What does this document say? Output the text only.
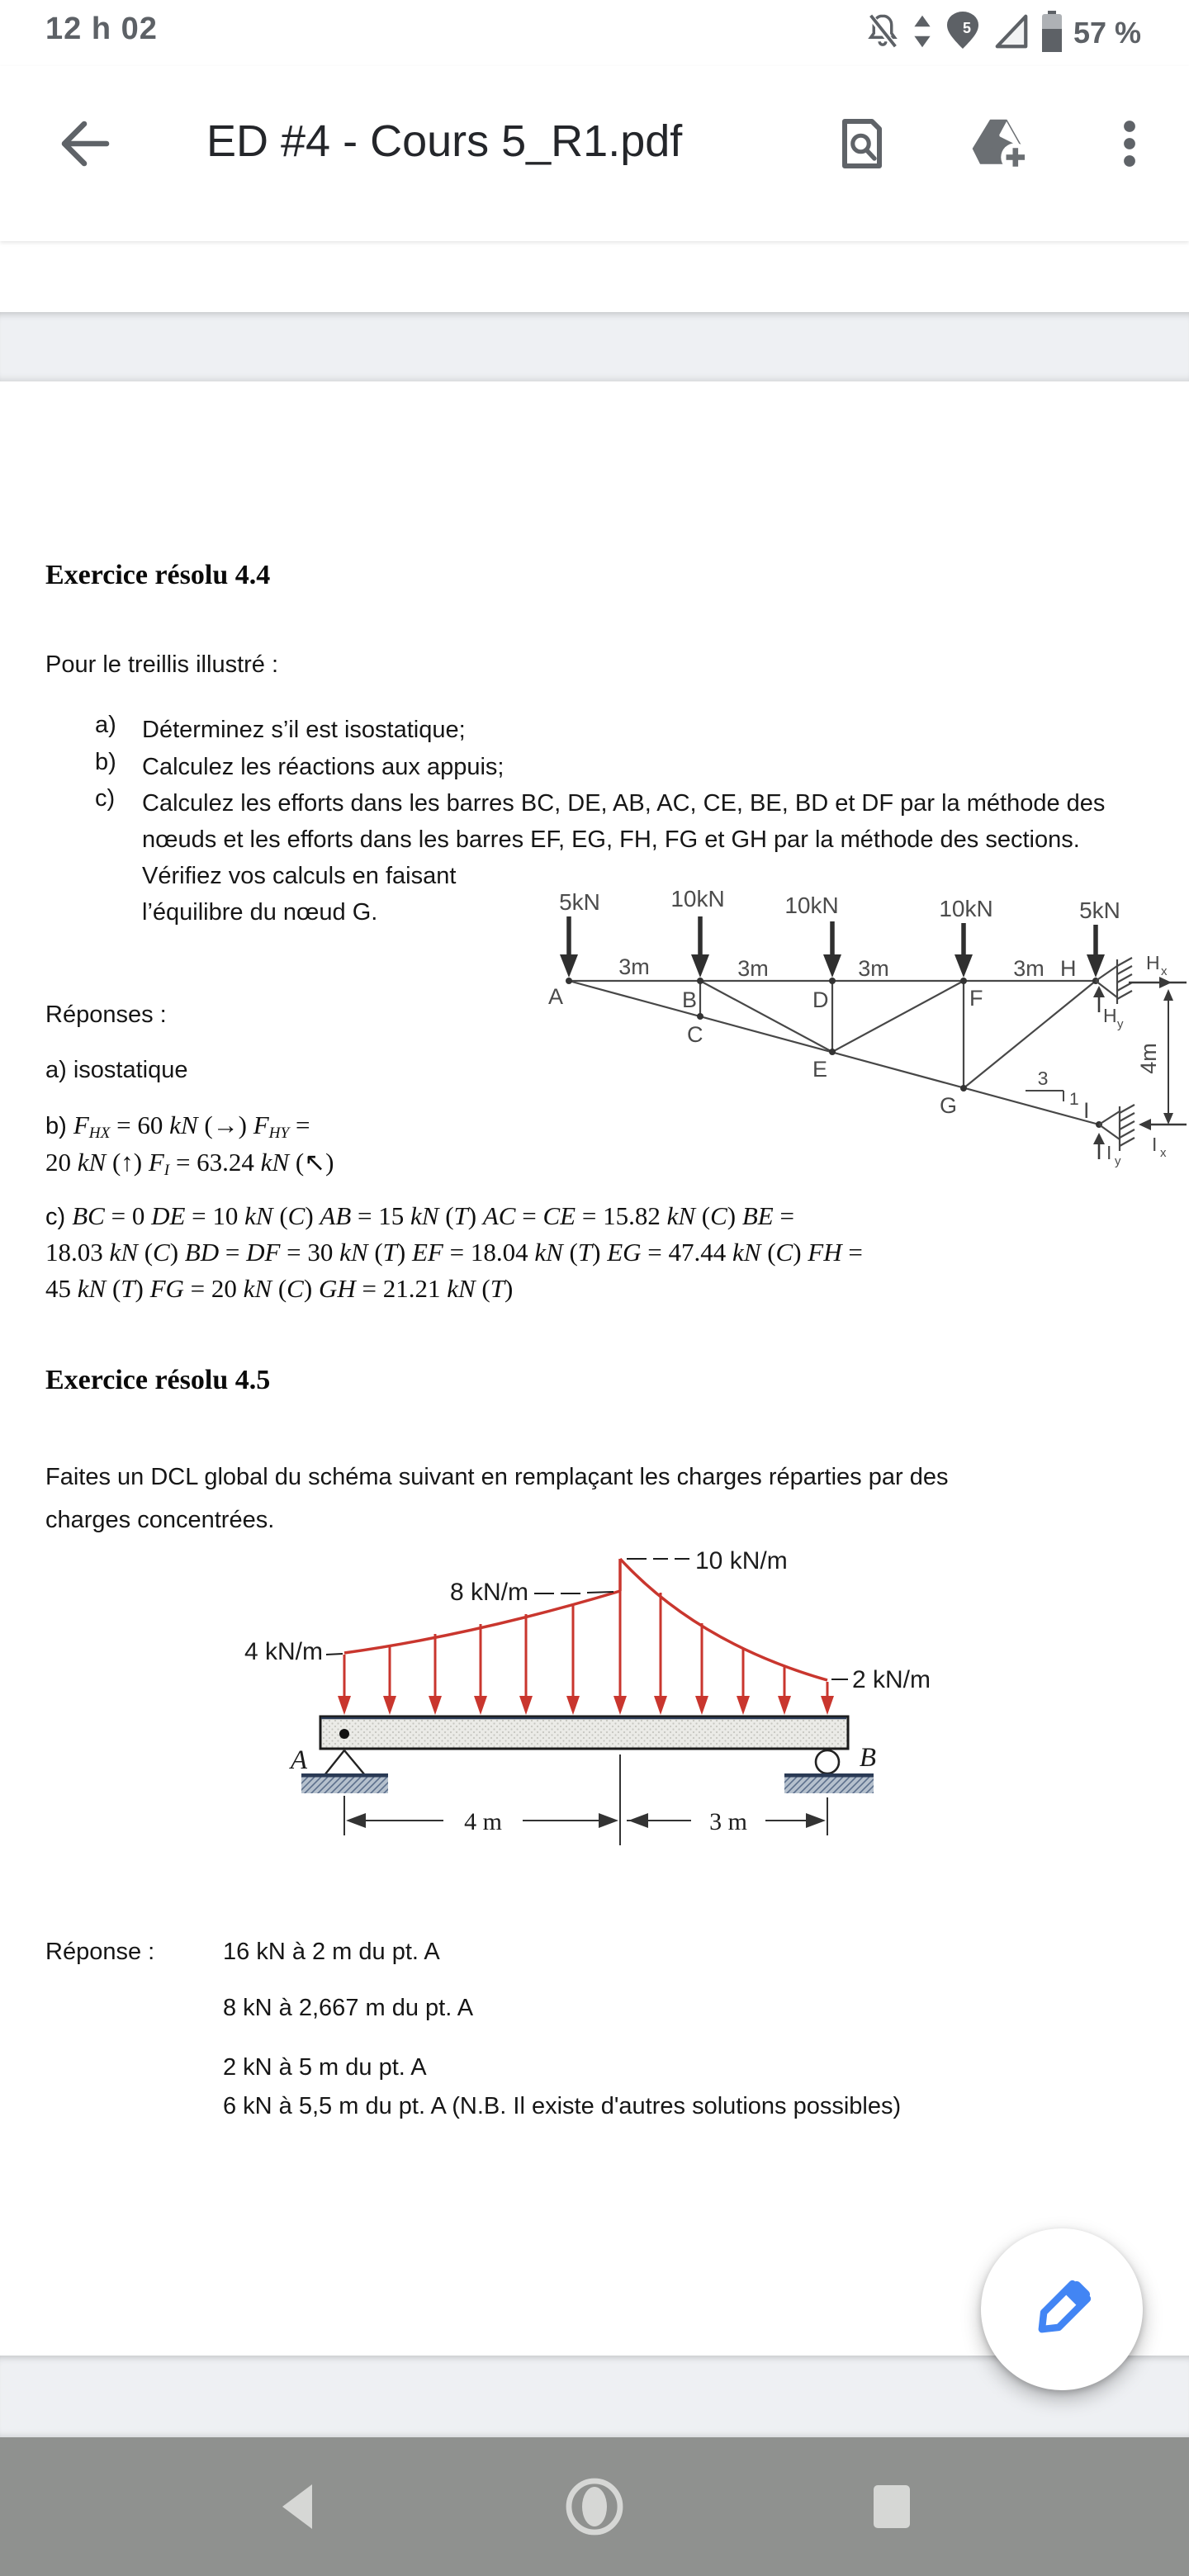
12 h 02	5	57 %
ED #4 - Cours 5_R1.pdf
Exercice résolu 4.4
Pour le treillis illustré :
a) Déterminez s’il est isostatique;
b) Calculez les réactions aux appuis;
c) Calculez les efforts dans les barres BC, DE, AB, AC, CE, BE, BD et DF par la méthode des
nœuds et les efforts dans les barres EF, EG, FH, FG et GH par la méthode des sections.
Vérifiez vos calculs en faisant
l’équilibre du nœud G.	5kN	10kN	10kN	10kN	5kN
3m	3m	3m	3m
A	B
C
D
E
F
G
H
I
H x
H y
I x
I y
4m
3
1
Réponses :
a) isostatique
b) $F_{HX} = 60$ kN (→) $F_{HY}$ =
20 kN (↑) $F_I = 63.24$ kN (↖)
c) BC = 0 DE = 10 kN (C) AB = 15 kN (T) AC = CE = 15.82 kN (C) BE =
18.03 kN (C) BD = DF = 30 kN (T) EF = 18.04 kN (T) EG = 47.44 kN (C) FH =
45 kN (T) FG = 20 kN (C) GH = 21.21 kN (T)
Exercice résolu 4.5
Faites un DCL global du schéma suivant en remplaçant les charges réparties par des
charges concentrées.
4 kN/m
8 kN/m
10 kN/m
2 kN/m
A	B
4 m	3 m
Réponse :	16 kN à 2 m du pt. A
8 kN à 2,667 m du pt. A
2 kN à 5 m du pt. A
6 kN à 5,5 m du pt. A (N.B. Il existe d'autres solutions possibles)
